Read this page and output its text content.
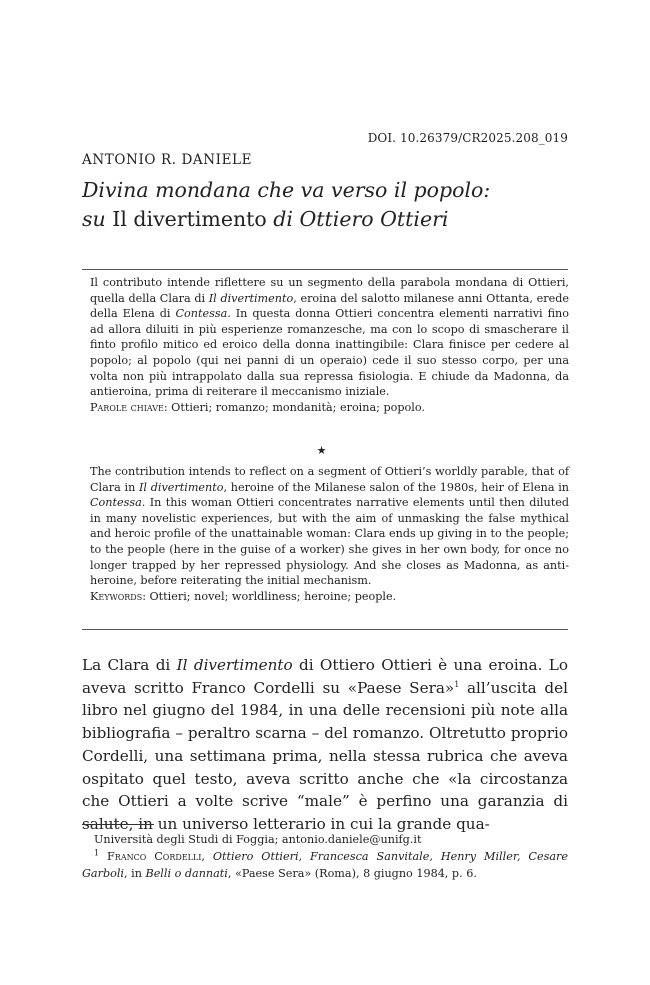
DOI. 10.26379/CR2025.208_019
ANTONIO R. DANIELE
Divina mondana che va verso il popolo:
su Il divertimento di Ottiero Ottieri

Il contributo intende riflettere su un segmento della parabola mondana di Ottieri, quella della Clara di Il divertimento, eroina del salotto milanese anni Ottanta, erede della Elena di Contessa. In questa donna Ottieri concentra elementi narrativi fino ad allora diluiti in più esperienze romanzesche, ma con lo scopo di smascherare il finto profilo mitico ed eroico della donna inattingibile: Clara finisce per cedere al popolo; al popolo (qui nei panni di un operaio) cede il suo stesso corpo, per una volta non più intrappolato dalla sua repressa fisiologia. E chiude da Madonna, da antieroina, prima di reiterare il meccanismo iniziale.

Parole chiave: Ottieri; romanzo; mondanità; eroina; popolo.

★

The contribution intends to reflect on a segment of Ottieri’s worldly parable, that of Clara in Il divertimento, heroine of the Milanese salon of the 1980s, heir of Elena in Contessa. In this woman Ottieri concentrates narrative elements until then diluted in many novelistic experiences, but with the aim of unmasking the false mythical and heroic profile of the unattainable woman: Clara ends up giving in to the people; to the people (here in the guise of a worker) she gives in her own body, for once no longer trapped by her repressed physiology. And she closes as Madonna, as anti-heroine, before reiterating the initial mechanism.

Keywords: Ottieri; novel; worldliness; heroine; people.

La Clara di Il divertimento di Ottiero Ottieri è una eroina. Lo aveva scritto Franco Cordelli su «Paese Sera»$^1$ all’uscita del libro nel giugno del 1984, in una delle recensioni più note alla bibliografia – peraltro scarna – del romanzo. Oltretutto proprio Cordelli, una settimana prima, nella stessa rubrica che aveva ospitato quel testo, aveva scritto anche che «la circostanza che Ottieri a volte scrive “male” è perfino una garanzia di salute, in un universo letterario in cui la grande qua-

Università degli Studi di Foggia; antonio.daniele@unifg.it

$^1$ Franco Cordelli, Ottiero Ottieri, Francesca Sanvitale, Henry Miller, Cesare Garboli, in Belli o dannati, «Paese Sera» (Roma), 8 giugno 1984, p. 6.
